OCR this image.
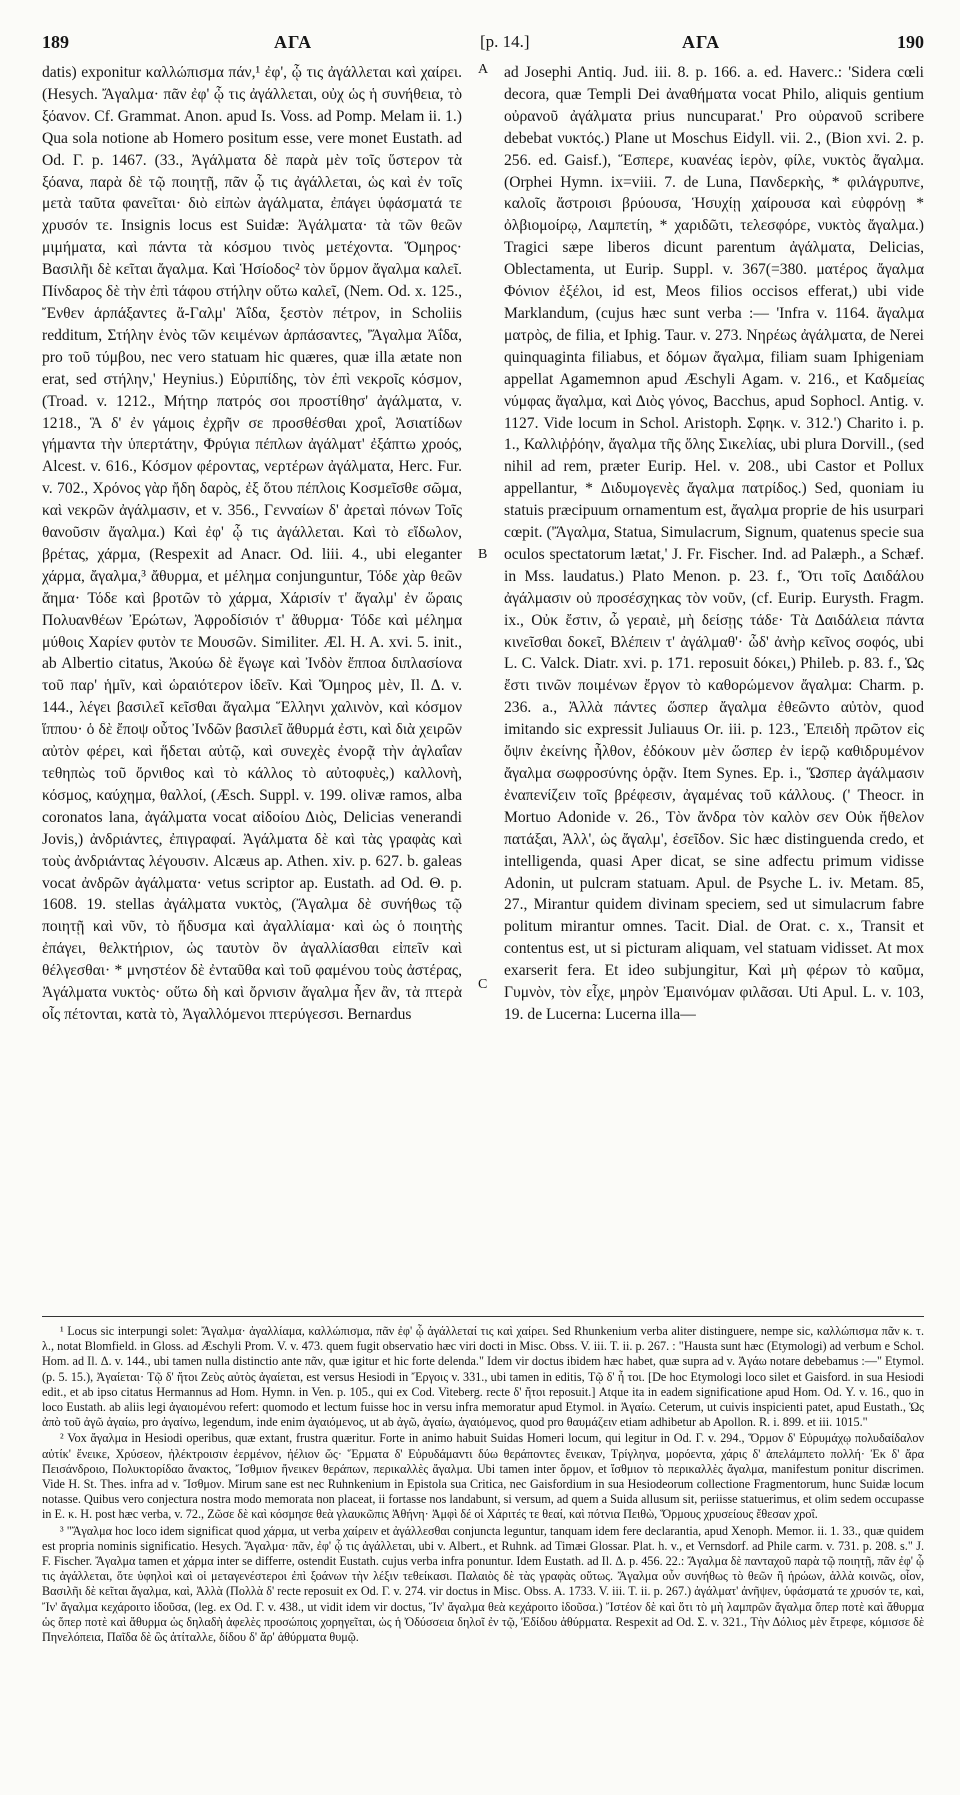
189	ΑΓΑ	[p. 14.]	ΑΓΑ	190

datis) exponitur καλλώπισμα πάν,¹ ἐφ', ᾧ τις ἀγάλλεται καὶ χαίρει. (Hesych. Ἄγαλμα· πᾶν ἐφ' ᾧ τις ἀγάλλεται, οὐχ ὡς ἡ συνήθεια, τὸ ξόανον. Cf. Grammat. Anon. apud Is. Voss. ad Pomp. Melam ii. 1.) Qua sola notione ab Homero positum esse, vere monet Eustath. ad Od. Γ. p. 1467. (33., Ἀγάλματα δὲ παρὰ μὲν τοῖς ὕστερον τὰ ξόανα, παρὰ δὲ τῷ ποιητῇ, πᾶν ᾧ τις ἀγάλλεται, ὡς καὶ ἐν τοῖς μετὰ ταῦτα φανεῖται· διὸ εἰπὼν ἀγάλματα, ἐπάγει ὑφάσματά τε χρυσόν τε. Insignis locus est Suidæ: Ἀγάλματα· τὰ τῶν θεῶν μιμήματα, καὶ πάντα τὰ κόσμου τινὸς μετέχοντα. Ὅμηρος· Βασιλῆι δὲ κεῖται ἄγαλμα. Καὶ Ἡσίοδος² τὸν ὕρμον ἄγαλμα καλεῖ. Πίνδαρος δὲ τὴν ἐπὶ τάφου στήλην οὕτω καλεῖ, (Nem. Od. x. 125., Ἔνθεν ἁρπάξαντες ἄ-Γαλμ' Ἀΐδα, ξεστὸν πέτρον, in Scholiis redditum, Στήλην ἑνὸς τῶν κειμένων ἁρπάσαντες, 'Ἄγαλμα Ἀΐδα, pro τοῦ τύμβου, nec vero statuam hic quæres, quæ illa ætate non erat, sed στήλην,' Heynius.) Εὐριπίδης, τὸν ἐπὶ νεκροῖς κόσμον, (Troad. v. 1212., Μήτηρ πατρός σοι προστίθησ' ἀγάλματα, v. 1218., Ἃ δ' ἐν γάμοις ἐχρῆν σε προσθέσθαι χροΐ, Ἀσιατίδων γήμαντα τὴν ὑπερτάτην, Φρύγια πέπλων ἀγάλματ' ἐξάπτω χροός, Alcest. v. 616., Κόσμον φέροντας, νερτέρων ἀγάλματα, Herc. Fur. v. 702., Χρόνος γὰρ ἤδη δαρὸς, ἐξ ὅτου πέπλοις Κοσμεῖσθε σῶμα, καὶ νεκρῶν ἀγάλμασιν, et v. 356., Γενναίων δ' ἀρεταὶ πόνων Τοῖς θανοῦσιν ἄγαλμα.) Καὶ ἐφ' ᾧ τις ἀγάλλεται. Καὶ τὸ εἴδωλον, βρέτας, χάρμα, (Respexit ad Anacr. Od. liii. 4., ubi eleganter χάρμα, ἄγαλμα,³ ἄθυρμα, et μέλημα conjunguntur, Τόδε χὰρ θεῶν ἄημα· Τόδε καὶ βροτῶν τὸ χάρμα, Χάρισίν τ' ἄγαλμ' ἐν ὥραις Πολυανθέων Ἐρώτων, Ἀφροδίσιόν τ' ἄθυρμα· Τόδε καὶ μέλημα μύθοις Χαρίεν φυτὸν τε Μουσῶν. Similiter. Æl. H. A. xvi. 5. init., ab Albertio citatus, Ἀκούω δὲ ἔγωγε καὶ Ἰνδὸν ἔπποα διπλασίονα τοῦ παρ' ἡμῖν, καὶ ὡραιότερον ἰδεῖν. Καὶ Ὅμηρος μὲν, Il. Δ. v. 144., λέγει βασιλεῖ κεῖσθαι ἄγαλμα Ἕλληνι χαλινὸν, καὶ κόσμον ἵππου· ὁ δὲ ἔποψ οὗτος Ἰνδῶν βασιλεῖ ἄθυρμά ἐστι, καὶ διὰ χειρῶν αὐτὸν φέρει, καὶ ἥδεται αὐτῷ, καὶ συνεχὲς ἐνορᾷ τὴν ἀγλαΐαν τεθηπὼς τοῦ ὄρνιθος καὶ τὸ κάλλος τὸ αὐτοφυὲς,) καλλονὴ, κόσμος, καύχημα, θαλλοί, (Æsch. Suppl. v. 199. olivæ ramos, alba coronatos lana, ἀγάλματα vocat αἰδοίου Διὸς, Delicias venerandi Jovis,) ἀνδριάντες, ἐπιγραφαί. Ἀγάλματα δὲ καὶ τὰς γραφὰς καὶ τοὺς ἀνδριάντας λέγουσιν. Alcæus ap. Athen. xiv. p. 627. b. galeas vocat ἀνδρῶν ἀγάλματα· vetus scriptor ap. Eustath. ad Od. Θ. p. 1608. 19. stellas ἀγάλματα νυκτὸς, (Ἄγαλμα δὲ συνήθως τῷ ποιητῇ καὶ νῦν, τὸ ἥδυσμα καὶ ἀγαλλίαμα· καὶ ὡς ὁ ποιητὴς ἐπάγει, θελκτήριον, ὡς ταυτὸν ὂν ἀγαλλίασθαι εἰπεῖν καὶ θέλγεσθαι· * μνηστέον δὲ ἐνταῦθα καὶ τοῦ φαμένου τοὺς ἀστέρας, Ἀγάλματα νυκτὸς· οὕτω δὴ καὶ ὄρνισιν ἄγαλμα ἦεν ἂν, τὰ πτερὰ οἷς πέτονται, κατὰ τὸ, Ἀγαλλόμενοι πτερύγεσσι. Bernardus

ad Josephi Antiq. Jud. iii. 8. p. 166. a. ed. Haverc.: 'Sidera cœli decora, quæ Templi Dei ἀναθήματα vocat Philo, aliquis gentium οὐρανοῦ ἀγάλματα prius nuncuparat.' Pro οὐρανοῦ scribere debebat νυκτός.) Plane ut Moschus Eidyll. vii. 2., (Bion xvi. 2. p. 256. ed. Gaisf.), Ἕσπερε, κυανέας ἱερὸν, φίλε, νυκτὸς ἄγαλμα. (Orphei Hymn. ix=viii. 7. de Luna, Πανδερκὴς, * φιλάγρυπνε, καλοῖς ἄστροισι βρύουσα, Ἡσυχίῃ χαίρουσα καὶ εὐφρόνῃ * ὀλβιομοίρῳ, Λαμπετίη, * χαριδῶτι, τελεσφόρε, νυκτὸς ἄγαλμα.) Tragici sæpe liberos dicunt parentum ἀγάλματα, Delicias, Oblectamenta, ut Eurip. Suppl. v. 367(=380. ματέρος ἄγαλμα Φόνιον ἐξέλοι, id est, Meos filios occisos efferat,) ubi vide Marklandum, (cujus hæc sunt verba :— 'Infra v. 1164. ἄγαλμα ματρὸς, de filia, et Iphig. Taur. v. 273. Νηρέως ἀγάλματα, de Nerei quinquaginta filiabus, et δόμων ἄγαλμα, filiam suam Iphigeniam appellat Agamemnon apud Æschyli Agam. v. 216., et Καδμείας νύμφας ἄγαλμα, καὶ Διὸς γόνος, Bacchus, apud Sophocl. Antig. v. 1127. Vide locum in Schol. Aristoph. Σφηκ. v. 312.') Charito i. p. 1., Καλλιῤῥόην, ἄγαλμα τῆς ὅλης Σικελίας, ubi plura Dorvill., (sed nihil ad rem, præter Eurip. Hel. v. 208., ubi Castor et Pollux appellantur, * Διδυμογενὲς ἄγαλμα πατρίδος.) Sed, quoniam iu statuis præcipuum ornamentum est, ἄγαλμα proprie de his usurpari cœpit. ('Ἄγαλμα, Statua, Simulacrum, Signum, quatenus specie sua oculos spectatorum lætat,' J. Fr. Fischer. Ind. ad Palæph., a Schæf. in Mss. laudatus.) Plato Menon. p. 23. f., Ὅτι τοῖς Δαιδάλου ἀγάλμασιν οὐ προσέσχηκας τὸν νοῦν, (cf. Eurip. Eurysth. Fragm. ix., Οὐκ ἔστιν, ὦ γεραιὲ, μὴ δείσῃς τάδε· Τὰ Δαιδάλεια πάντα κινεῖσθαι δοκεῖ, Βλέπειν τ' ἀγάλμαθ'· ὧδ' ἀνὴρ κεῖνος σοφός, ubi L. C. Valck. Diatr. xvi. p. 171. reposuit δόκει,) Phileb. p. 83. f., Ὡς ἔστι τινῶν ποιμένων ἔργον τὸ καθορώμενον ἄγαλμα: Charm. p. 236. a., Ἀλλὰ πάντες ὥσπερ ἄγαλμα ἐθεῶντο αὐτὸν, quod imitando sic expressit Juliauus Or. iii. p. 123., Ἐπειδὴ πρῶτον εἰς ὄψιν ἐκείνης ἦλθον, ἐδόκουν μὲν ὥσπερ ἐν ἱερῷ καθιδρυμένον ἄγαλμα σωφροσύνης ὁρᾷν. Item Synes. Ep. i., Ὥσπερ ἀγάλμασιν ἐναπενίζειν τοῖς βρέφεσιν, ἀγαμένας τοῦ κάλλους. (' Theocr. in Mortuo Adonide v. 26., Τὸν ἄνδρα τὸν καλὸν σεν Οὐκ ἤθελον πατάξαι, Ἀλλ', ὡς ἄγαλμ', ἐσεῖδον. Sic hæc distinguenda credo, et intelligenda, quasi Aper dicat, se sine adfectu primum vidisse Adonin, ut pulcram statuam. Apul. de Psyche L. iv. Metam. 85, 27., Mirantur quidem divinam speciem, sed ut simulacrum fabre politum mirantur omnes. Tacit. Dial. de Orat. c. x., Transit et contentus est, ut si picturam aliquam, vel statuam vidisset. At mox exarserit fera. Et ideo subjungitur, Καὶ μὴ φέρων τὸ καῦμα, Γυμνὸν, τὸν εἶχε, μηρὸν Ἐμαινόμαν φιλᾶσαι. Uti Apul. L. v. 103, 19. de Lucerna: Lucerna illa—

A
B
C

¹ Locus sic interpungi solet: Ἄγαλμα· ἀγαλλίαμα, καλλώπισμα, πᾶν ἐφ' ᾧ ἀγάλλεταί τις καὶ χαίρει. Sed Rhunkenium verba aliter distinguere, nempe sic, καλλώπισμα πᾶν κ. τ. λ., notat Blomfield. in Gloss. ad Æschyli Prom. V. v. 473. quem fugit observatio hæc viri docti in Misc. Obss. V. iii. T. ii. p. 267. : "Hausta sunt hæc (Etymologi) ad verbum e Schol. Hom. ad Il. Δ. v. 144., ubi tamen nulla distinctio ante πᾶν, quæ igitur et hic forte delenda." Idem vir doctus ibidem hæc habet, quæ supra ad v. Ἀγάω notare debebamus :—" Etymol. (p. 5. 15.), Ἀγαίεται· Τῷ δ' ἤτοι Ζεὺς αὐτὸς ἀγαίεται, est versus Hesiodi in Ἔργοις v. 331., ubi tamen in editis, Τῷ δ' ἦ τοι. [De hoc Etymologi loco silet et Gaisford. in sua Hesiodi edit., et ab ipso citatus Hermannus ad Hom. Hymn. in Ven. p. 105., qui ex Cod. Viteberg. recte δ' ἤτοι reposuit.] Atque ita in eadem significatione apud Hom. Od. Υ. v. 16., quo in loco Eustath. ab aliis legi ἀγαιομένου refert: quomodo et lectum fuisse hoc in versu infra memoratur apud Etymol. in Ἀγαίω. Ceterum, ut cuivis inspicienti patet, apud Eustath., Ὡς ἀπὸ τοῦ ἀγῶ ἀγαίω, pro ἀγαίνω, legendum, inde enim ἀγαιόμενος, ut ab ἀγῶ, ἀγαίω, ἀγαιόμενος, quod pro θαυμάζειν etiam adhibetur ab Apollon. R. i. 899. et iii. 1015."

² Vox ἄγαλμα in Hesiodi operibus, quæ extant, frustra quæritur. Forte in animo habuit Suidas Homeri locum, qui legitur in Od. Γ. v. 294., Ὅρμον δ' Εὐρυμάχῳ πολυδαίδαλον αὐτίκ' ἔνεικε, Χρύσεον, ἠλέκτροισιν ἐερμένον, ἠέλιον ὥς· Ἕρματα δ' Εὐρυδάμαντι δύω θεράποντες ἔνεικαν, Τρίγληνα, μορόεντα, χάρις δ' ἀπελάμπετο πολλή· Ἐκ δ' ἄρα Πεισάνδροιο, Πολυκτορίδαο ἄνακτος, Ἴσθμιον ἤνεικεν θεράπων, περικαλλὲς ἄγαλμα. Ubi tamen inter ὅρμον, et ἴσθμιον τὸ περικαλλὲς ἄγαλμα, manifestum ponitur discrimen. Vide H. St. Thes. infra ad v. Ἴσθμον. Mirum sane est nec Ruhnkenium in Epistola sua Critica, nec Gaisfordium in sua Hesiodeorum collectione Fragmentorum, hunc Suidæ locum notasse. Quibus vero conjectura nostra modo memorata non placeat, ii fortasse nos landabunt, si versum, ad quem a Suida allusum sit, periisse statuerimus, et olim sedem occupasse in Ε. κ. Η. post hæc verba, v. 72., Ζῶσε δὲ καὶ κόσμησε θεὰ γλαυκῶπις Ἀθήνη· Ἀμφὶ δέ οἱ Χάριτές τε θεαί, καὶ πότνια Πειθὼ, Ὅρμους χρυσείους ἔθεσαν χροΐ.

³ "Ἄγαλμα hoc loco idem significat quod χάρμα, ut verba χαίρειν et ἀγάλλεσθαι conjuncta leguntur, tanquam idem fere declarantia, apud Xenoph. Memor. ii. 1. 33., quæ quidem est propria nominis significatio. Hesych. Ἄγαλμα· πᾶν, ἐφ' ᾧ τις ἀγάλλεται, ubi v. Albert., et Ruhnk. ad Timæi Glossar. Plat. h. v., et Vernsdorf. ad Phile carm. v. 731. p. 208. s." J. F. Fischer. Ἄγαλμα tamen et χάρμα inter se differre, ostendit Eustath. cujus verba infra ponuntur. Idem Eustath. ad Il. Δ. p. 456. 22.: Ἄγαλμα δὲ πανταχοῦ παρὰ τῷ ποιητῇ, πᾶν ἐφ' ᾧ τις ἀγάλλεται, ὅτε ὑφηλοὶ καὶ οἱ μεταγενέστεροι ἐπὶ ξοάνων τὴν λέξιν τεθείκασι. Παλαιὸς δὲ τὰς γραφὰς οὕτως. Ἄγαλμα οὖν συνήθως τὸ θεῶν ἢ ἡρώων, ἀλλὰ κοινῶς, οἷον, Βασιλῆι δὲ κεῖται ἄγαλμα, καὶ, Ἀλλὰ (Πολλὰ δ' recte reposuit ex Od. Γ. v. 274. vir doctus in Misc. Obss. A. 1733. V. iii. T. ii. p. 267.) ἀγάλματ' ἀνῆψεν, ὑφάσματά τε χρυσόν τε, καὶ, Ἴν' ἄγαλμα κεχάροιτο ἰδοῦσα, (leg. ex Od. Γ. v. 438., ut vidit idem vir doctus, Ἵν' ἄγαλμα θεὰ κεχάροιτο ἰδοῦσα.) Ἴστέον δὲ καὶ ὅτι τὸ μὴ λαμπρῶν ἄγαλμα ὅπερ ποτὲ καὶ ἄθυρμα ὡς ὅπερ ποτὲ καὶ ἄθυρμα ὡς δηλαδὴ ἀφελὲς προσώποις χορηγεῖται, ὡς ἡ Ὀδύσσεια δηλοῖ ἐν τῷ, Ἐδίδου ἀθύρματα. Respexit ad Od. Σ. v. 321., Τὴν Δόλιος μὲν ἔτρεφε, κόμισσε δὲ Πηνελόπεια, Παῖδα δὲ ὣς ἀτίταλλε, δίδου δ' ἄρ' ἀθύρματα θυμῷ.
